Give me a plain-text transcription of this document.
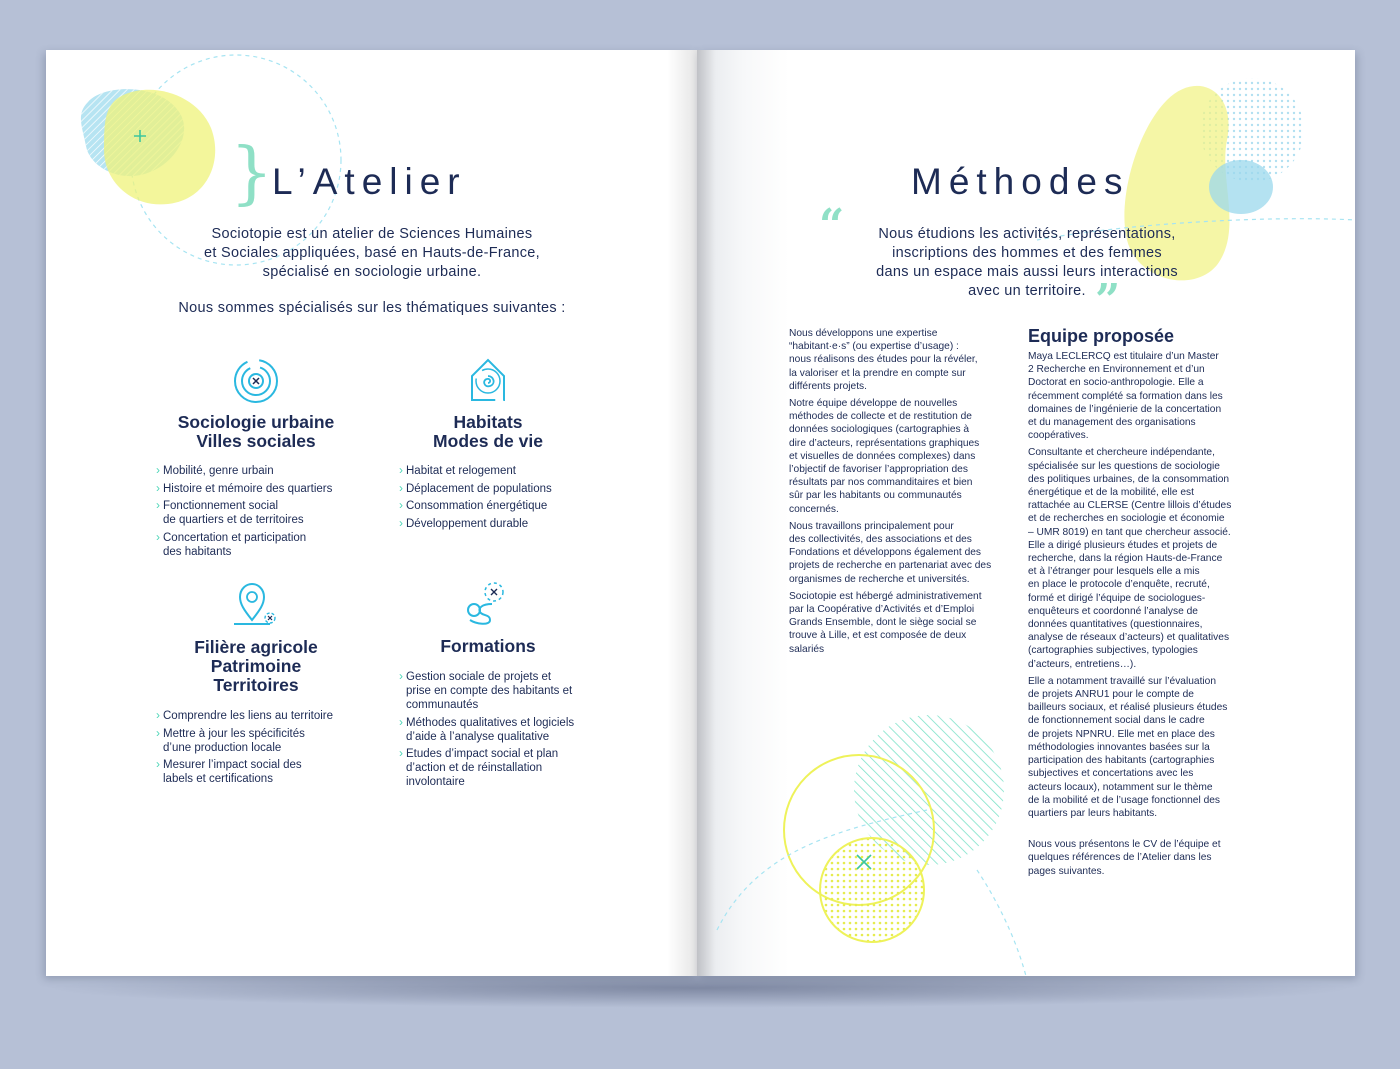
}
L’Atelier
Sociotopie est un atelier de Sciences Humaines
et Sociales appliquées, basé en Hauts-de-France,
spécialisé en sociologie urbaine.
Nous sommes spécialisés sur les thématiques suivantes :
Sociologie urbaine
Villes sociales
› Mobilité, genre urbain
› Histoire et mémoire des quartiers
› Fonctionnement social
de quartiers et de territoires
› Concertation et participation
des habitants
Habitats
Modes de vie
› Habitat et relogement
› Déplacement de populations
› Consommation énergétique
› Développement durable
Filière agricole
Patrimoine
Territoires
› Comprendre les liens au territoire
› Mettre à jour les spécificités
d’une production locale
› Mesurer l’impact social des
labels et certifications
Formations
› Gestion sociale de projets et
prise en compte des habitants et
communautés
› Méthodes qualitatives et logiciels
d’aide à l’analyse qualitative
› Etudes d’impact social et plan
d’action et de réinstallation
involontaire
Méthodes
“	Nous étudions les activités, représentations,
inscriptions des hommes et des femmes
dans un espace mais aussi leurs interactions
avec un territoire. ”

Nous développons une expertise
“habitant·e·s” (ou expertise d’usage) :
nous réalisons des études pour la révéler,
la valoriser et la prendre en compte sur
différents projets.

Notre équipe développe de nouvelles
méthodes de collecte et de restitution de
données sociologiques (cartographies à
dire d’acteurs, représentations graphiques
et visuelles de données complexes) dans
l’objectif de favoriser l’appropriation des
résultats par nos commanditaires et bien
sûr par les habitants ou communautés
concernés.

Nous travaillons principalement pour
des collectivités, des associations et des
Fondations et développons également des
projets de recherche en partenariat avec des
organismes de recherche et universités.

Sociotopie est hébergé administrativement
par la Coopérative d’Activités et d’Emploi
Grands Ensemble, dont le siège social se
trouve à Lille, et est composée de deux
salariés

Equipe proposée

Maya LECLERCQ est titulaire d’un Master
2 Recherche en Environnement et d’un
Doctorat en socio-anthropologie. Elle a
récemment complété sa formation dans les
domaines de l’ingénierie de la concertation
et du management des organisations
coopératives.

Consultante et chercheure indépendante,
spécialisée sur les questions de sociologie
des politiques urbaines, de la consommation
énergétique et de la mobilité, elle est
rattachée au CLERSE (Centre lillois d’études
et de recherches en sociologie et économie
– UMR 8019) en tant que chercheur associé.
Elle a dirigé plusieurs études et projets de
recherche, dans la région Hauts-de-France
et à l’étranger pour lesquels elle a mis
en place le protocole d’enquête, recruté,
formé et dirigé l’équipe de sociologues-
enquêteurs et coordonné l’analyse de
données quantitatives (questionnaires,
analyse de réseaux d’acteurs) et qualitatives
(cartographies subjectives, typologies
d’acteurs, entretiens…).

Elle a notamment travaillé sur l’évaluation
de projets ANRU1 pour le compte de
bailleurs sociaux, et réalisé plusieurs études
de fonctionnement social dans le cadre
de projets NPNRU. Elle met en place des
méthodologies innovantes basées sur la
participation des habitants (cartographies
subjectives et concertations avec les
acteurs locaux), notamment sur le thème
de la mobilité et de l’usage fonctionnel des
quartiers par leurs habitants.

Nous vous présentons le CV de l’équipe et
quelques références de l’Atelier dans les
pages suivantes.
